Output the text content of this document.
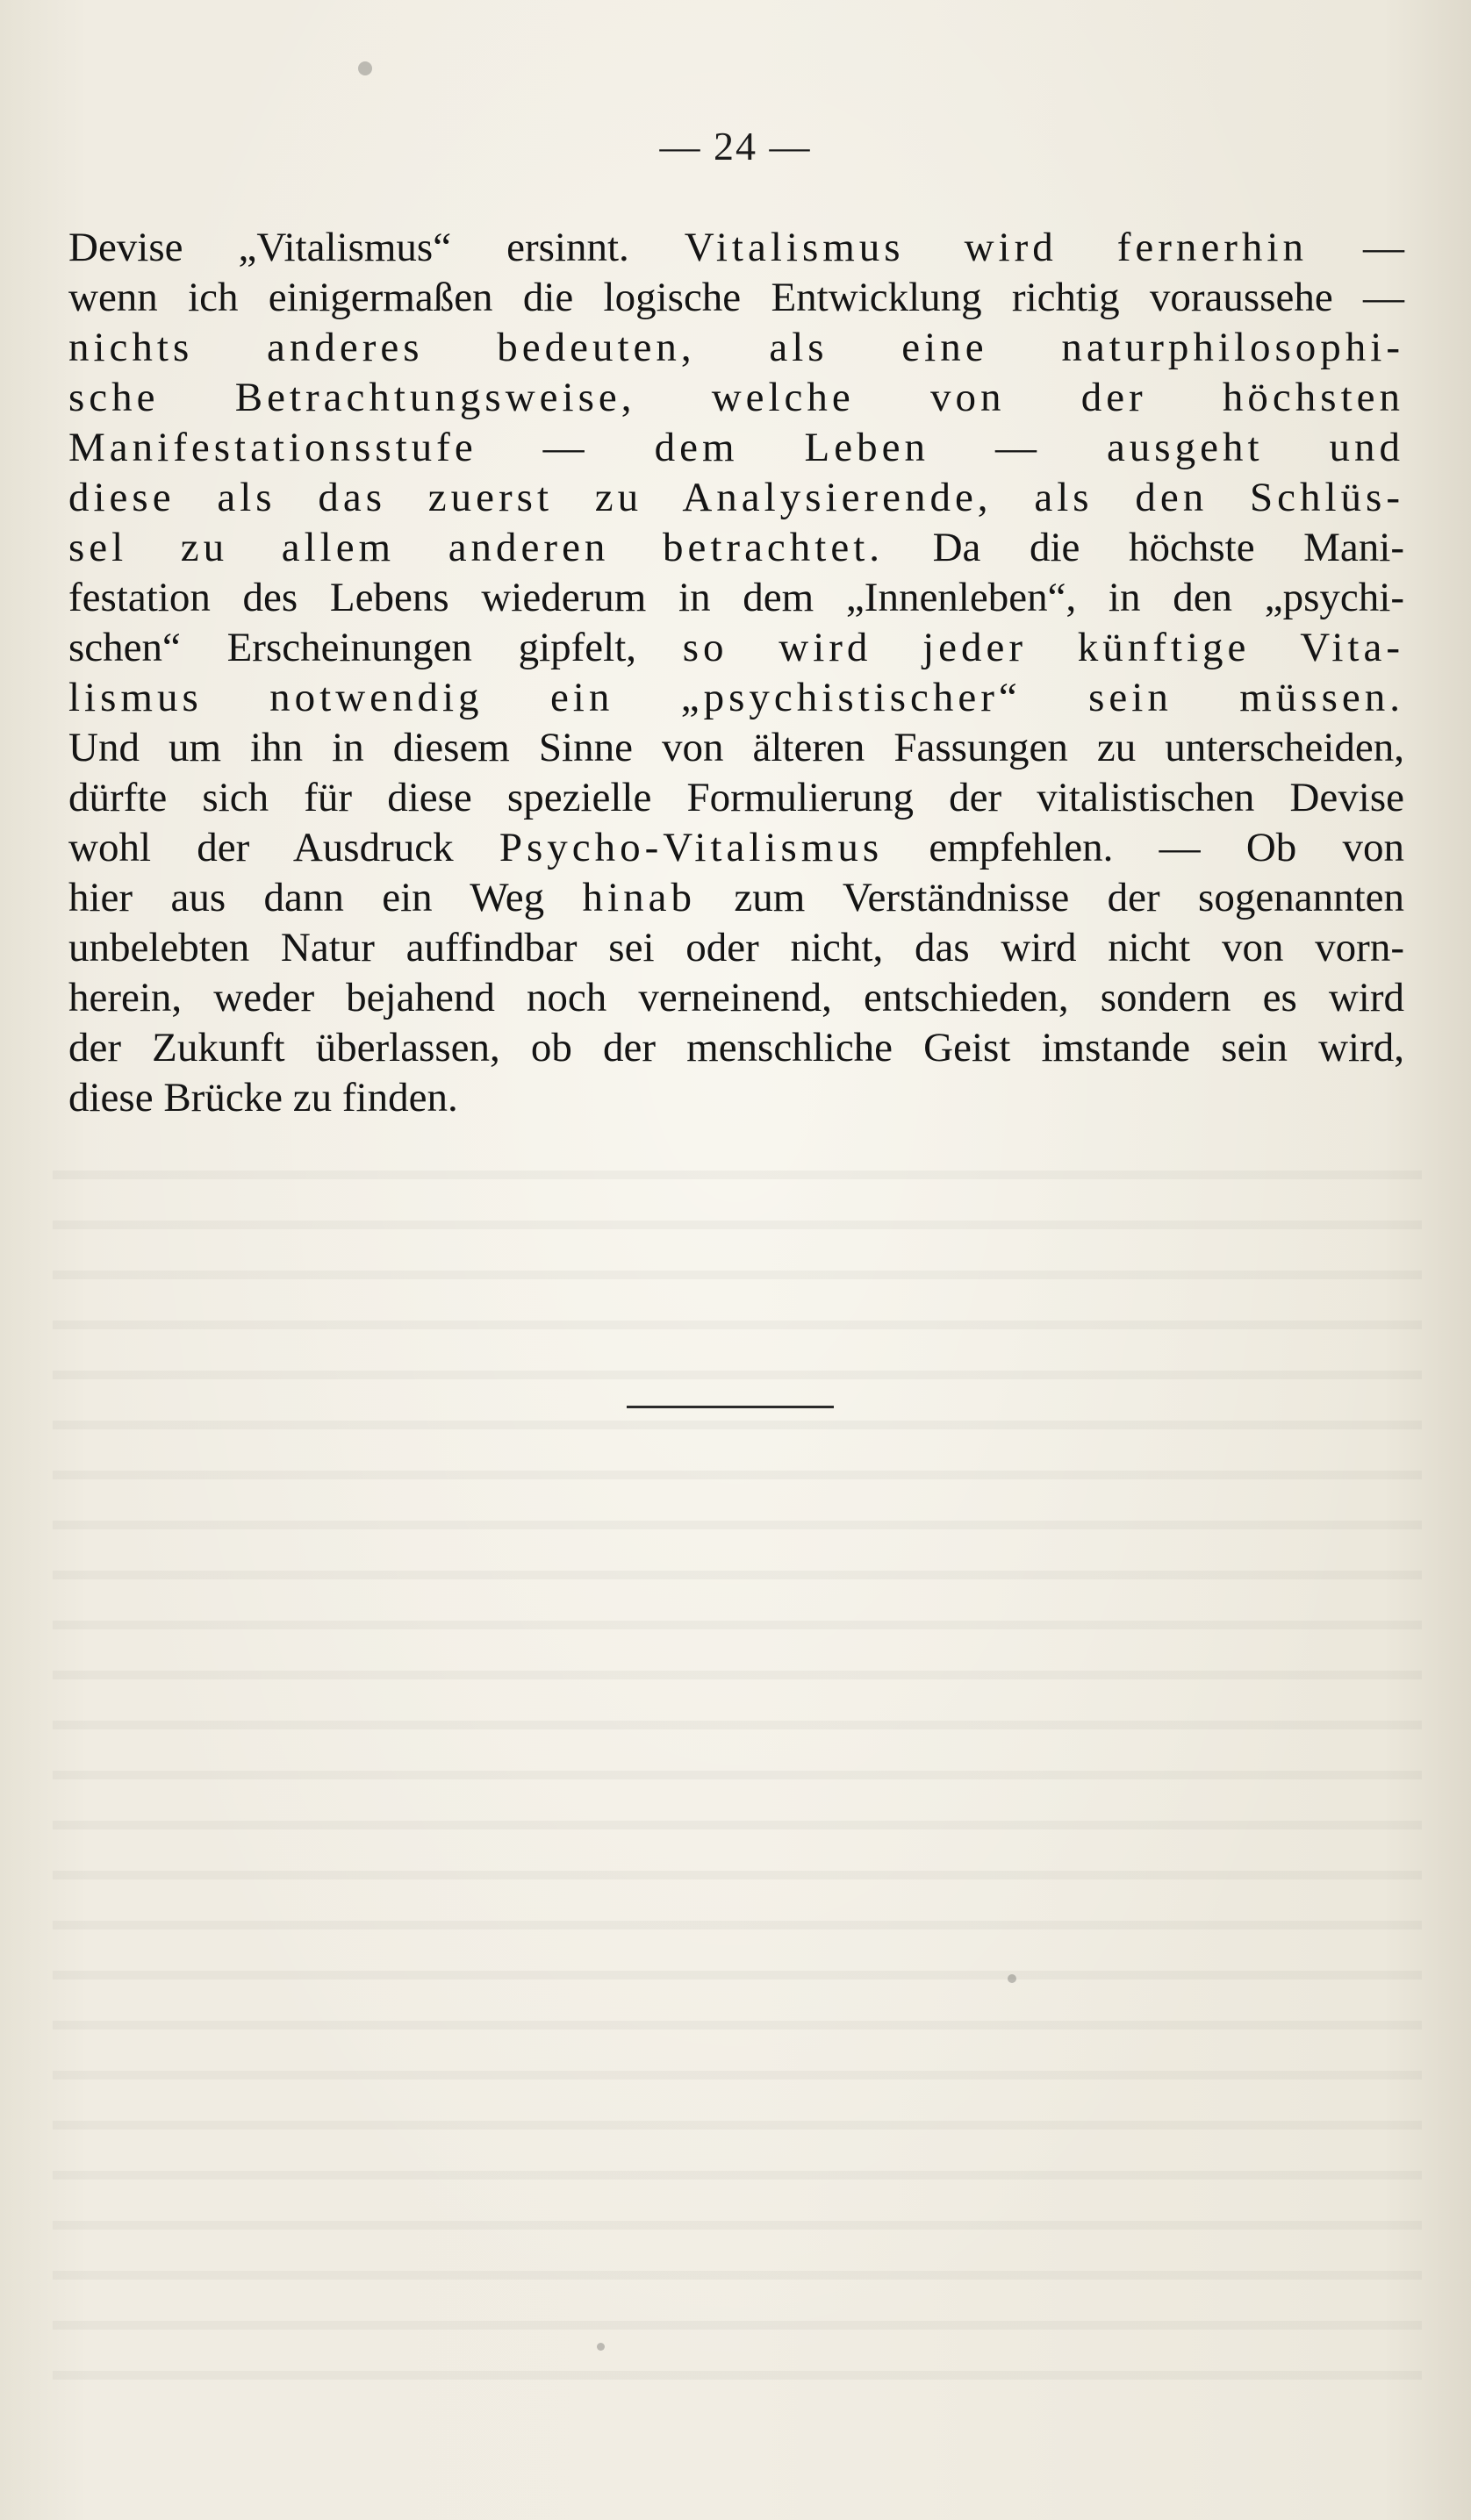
— 24 —
Devise „Vitalismus“ ersinnt. Vitalismus wird fernerhin —
wenn ich einigermaßen die logische Entwicklung richtig voraussehe —
nichts anderes bedeuten, als eine naturphilosophi-
sche Betrachtungsweise, welche von der höchsten
Manifestationsstufe — dem Leben — ausgeht und
diese als das zuerst zu Analysierende, als den Schlüs-
sel zu allem anderen betrachtet. Da die höchste Mani-
festation des Lebens wiederum in dem „Innenleben“, in den „psychi-
schen“ Erscheinungen gipfelt, so wird jeder künftige Vita-
lismus notwendig ein „psychistischer“ sein müssen.
Und um ihn in diesem Sinne von älteren Fassungen zu unterscheiden,
dürfte sich für diese spezielle Formulierung der vitalistischen Devise
wohl der Ausdruck Psycho-Vitalismus empfehlen. — Ob von
hier aus dann ein Weg hinab zum Verständnisse der sogenannten
unbelebten Natur auffindbar sei oder nicht, das wird nicht von vorn-
herein, weder bejahend noch verneinend, entschieden, sondern es wird
der Zukunft überlassen, ob der menschliche Geist imstande sein wird,
diese Brücke zu finden.
